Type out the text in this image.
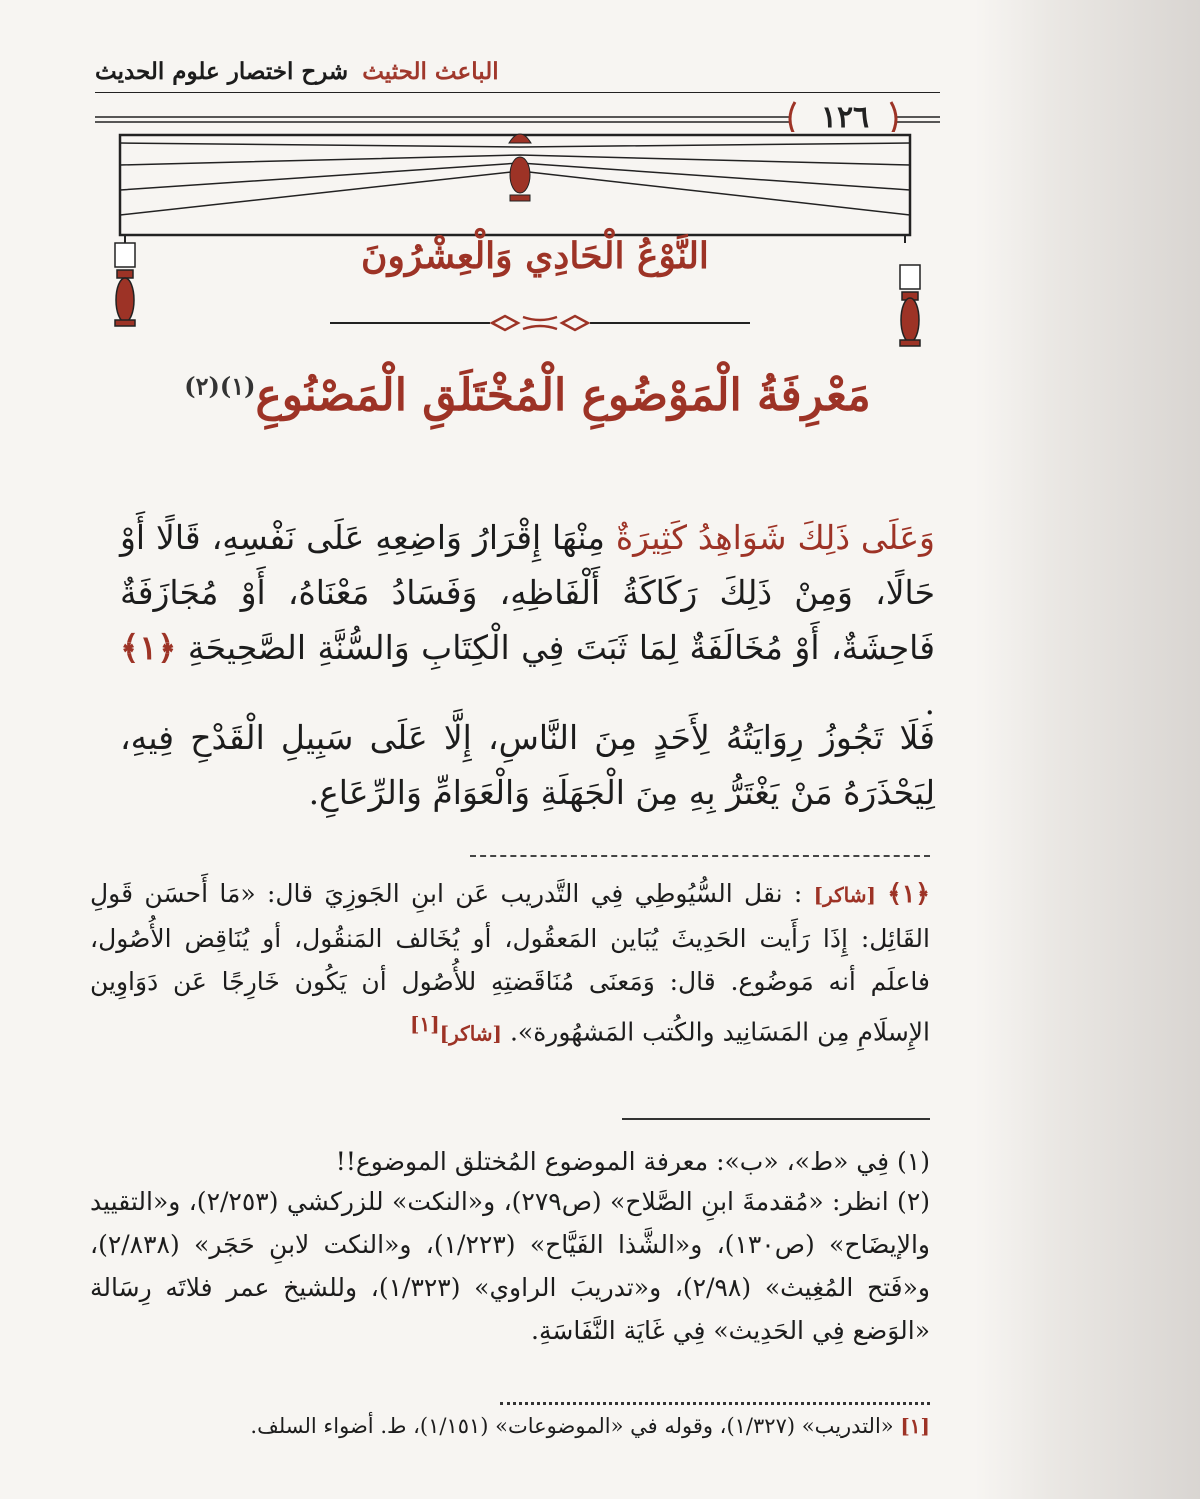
الباعث الحثيث شرح اختصار علوم الحديث
١٢٦
النَّوْعُ الْحَادِي وَالْعِشْرُونَ
مَعْرِفَةُ الْمَوْضُوعِ الْمُخْتَلَقِ الْمَصْنُوعِ$^{(١)(٢)}$
وَعَلَى ذَلِكَ شَوَاهِدُ كَثِيرَةٌ مِنْهَا إِقْرَارُ وَاضِعِهِ عَلَى نَفْسِهِ، قَالًا أَوْ حَالًا، وَمِنْ ذَلِكَ رَكَاكَةُ أَلْفَاظِهِ، وَفَسَادُ مَعْنَاهُ، أَوْ مُجَازَفَةٌ فَاحِشَةٌ، أَوْ مُخَالَفَةٌ لِمَا ثَبَتَ فِي الْكِتَابِ وَالسُّنَّةِ الصَّحِيحَةِ ﴿١﴾ .
فَلَا تَجُوزُ رِوَايَتُهُ لِأَحَدٍ مِنَ النَّاسِ، إِلَّا عَلَى سَبِيلِ الْقَدْحِ فِيهِ، لِيَحْذَرَهُ مَنْ يَغْتَرُّ بِهِ مِنَ الْجَهَلَةِ وَالْعَوَامِّ وَالرِّعَاعِ.
﴿١﴾ [شاكر] : نقل السُّيُوطِي فِي التَّدريب عَن ابنِ الجَوزِيَ قال: «مَا أَحسَن قَولِ القَائِل: إِذَا رَأَيت الحَدِيثَ يُبَاين المَعقُول، أو يُخَالف المَنقُول، أو يُنَاقِض الأُصُول، فاعلَم أنه مَوضُوع. قال: وَمَعنَى مُنَاقَضتِهِ للأُصُول أن يَكُون خَارِجًا عَن دَوَاوِين الإِسلَامِ مِن المَسَانِيد والكُتب المَشهُورة». [شاكر][١]
(١) فِي «ط»، «ب»: معرفة الموضوع المُختلق الموضوع!!
(٢) انظر: «مُقدمةَ ابنِ الصَّلاح» (ص٢٧٩)، و«النكت» للزركشي (٢/٢٥٣)، و«التقييد والإيضَاح» (ص١٣٠)، و«الشَّذا الفَيَّاح» (١/٢٢٣)، و«النكت لابنِ حَجَر» (٢/٨٣٨)، و«فَتح المُغِيث» (٢/٩٨)، و«تدريبَ الراوي» (١/٣٢٣)، وللشيخ عمر فلاتَه رِسَالة «الوَضع فِي الحَدِيث» فِي غَايَة النَّفَاسَةِ.
[١] «التدريب» (١/٣٢٧)، وقوله في «الموضوعات» (١/١٥١)، ط. أضواء السلف.
